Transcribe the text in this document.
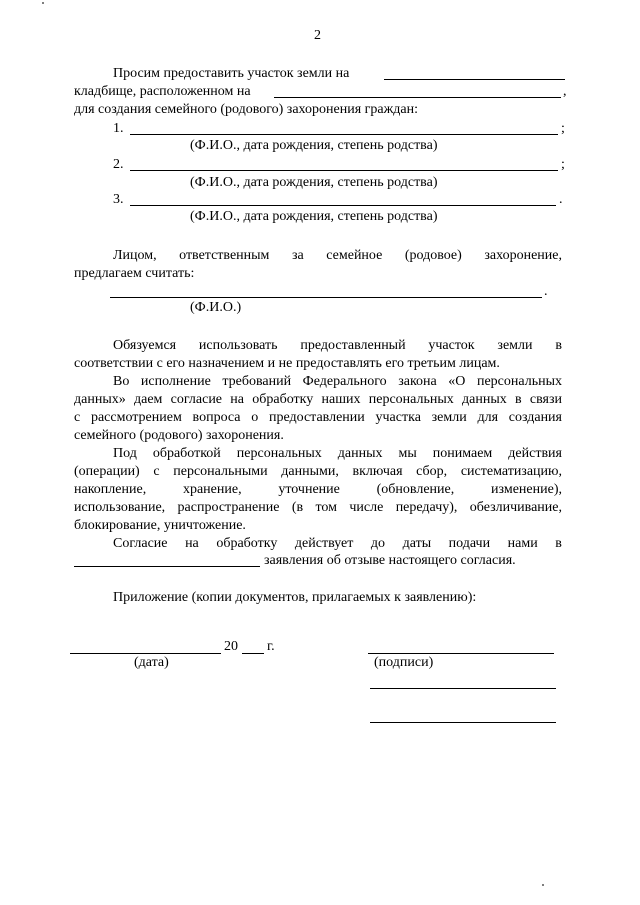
2
Просим предоставить участок земли на
кладбище, расположенном на	,
для создания семейного (родового) захоронения граждан:
1.	;
(Ф.И.О., дата рождения, степень родства)
2.	;
(Ф.И.О., дата рождения, степень родства)
3.	.
(Ф.И.О., дата рождения, степень родства)
Лицом, ответственным за семейное (родовое) захоронение,
предлагаем считать:
.
(Ф.И.О.)
Обязуемся использовать предоставленный участок земли в
соответствии с его назначением и не предоставлять его третьим лицам.
Во исполнение требований Федерального закона «О персональных
данных» даем согласие на обработку наших персональных данных в связи
с рассмотрением вопроса о предоставлении участка земли для создания
семейного (родового) захоронения.
Под обработкой персональных данных мы понимаем действия
(операции) с персональными данными, включая сбор, систематизацию,
накопление,	хранение,	уточнение	(обновление,	изменение),
использование, распространение (в том числе передачу), обезличивание,
блокирование, уничтожение.
Согласие на обработку действует до даты подачи нами в
заявления об отзыве настоящего согласия.
Приложение (копии документов, прилагаемых к заявлению):
20 г.
(дата)	(подписи)
